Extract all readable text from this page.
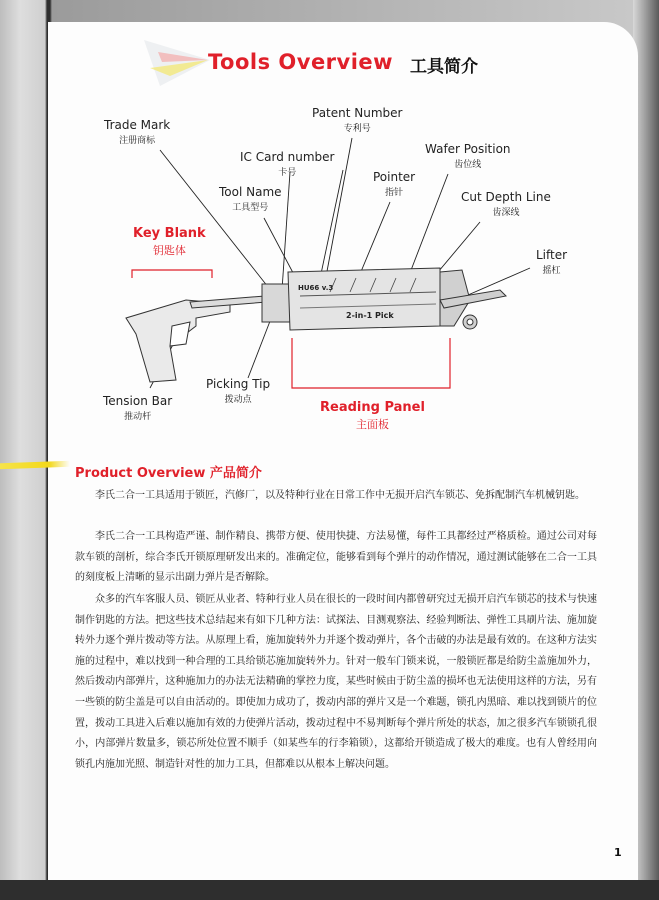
Tools Overview 工具简介
HU66 v.3
2-in-1 Pick
Trade Mark
注册商标
Patent Number
专利号
IC Card number
卡号
Wafer Position
齿位线
Pointer
指针
Tool Name
工具型号
Cut Depth Line
齿深线
Key Blank
钥匙体	Lifter
摇杠
Picking Tip
拨动点
Tension Bar
推动杆
Reading Panel
主面板
Product Overview 产品简介
李氏二合一工具适用于锁匠，汽修厂，以及特种行业在日常工作中无损开启汽车锁芯、免拆配制汽车机械钥匙。
李氏二合一工具构造严谨、制作精良、携带方便、使用快捷、方法易懂，每件工具都经过严格质检。通过公司对每款车锁的剖析，综合李氏开锁原理研发出来的。准确定位，能够看到每个弹片的动作情况，通过测试能够在二合一工具的刻度板上清晰的显示出副力弹片是否解除。
众多的汽车客服人员、锁匠从业者、特种行业人员在很长的一段时间内都曾研究过无损开启汽车锁芯的技术与快速制作钥匙的方法。把这些技术总结起来有如下几种方法：试探法、目测观察法、经验判断法、弹性工具刷片法、施加旋转外力逐个弹片拨动等方法。从原理上看，施加旋转外力并逐个拨动弹片，各个击破的办法是最有效的。在这种方法实施的过程中，难以找到一种合理的工具给锁芯施加旋转外力。针对一般车门锁来说，一般锁匠都是给防尘盖施加外力，然后拨动内部弹片，这种施加力的办法无法精确的掌控力度，某些时候由于防尘盖的损坏也无法使用这样的方法，另有一些锁的防尘盖是可以自由活动的。即使加力成功了，拨动内部的弹片又是一个难题，锁孔内黑暗、难以找到锁片的位置，拨动工具进入后难以施加有效的力使弹片活动，拨动过程中不易判断每个弹片所处的状态，加之很多汽车锁锁孔很小，内部弹片数量多，锁芯所处位置不顺手（如某些车的行李箱锁），这都给开锁造成了极大的难度。也有人曾经用向锁孔内施加光照、制造针对性的加力工具，但都难以从根本上解决问题。
1
